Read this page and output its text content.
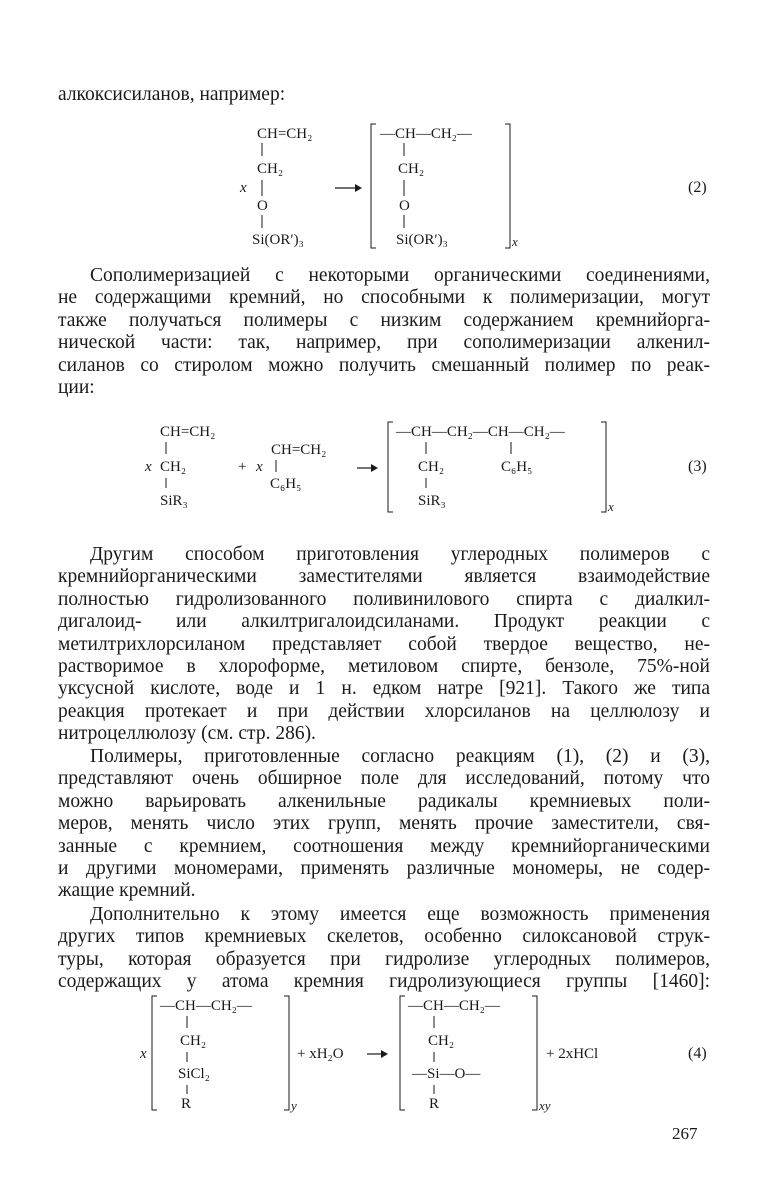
алкоксисиланов, например:
CH=CH₂
CH₂
x
O
Si(OR′)₃
—CH—CH₂—
CH₂
O
Si(OR′)₃	x
(2)
Сополимеризацией с некоторыми органическими соединениями,
не содержащими кремний, но способными к полимеризации, могут
также получаться полимеры с низким содержанием кремнийорга-
нической части: так, например, при сополимеризации алкенил-
силанов со стиролом можно получить смешанный полимер по реак-
ции:
CH=CH₂
x CH₂
SiR₃
+ x
CH=CH₂
C₆H₅
—CH—CH₂—CH—CH₂—
CH₂	C₆H₅
SiR₃	x
(3)
Другим способом приготовления углеродных полимеров с
кремнийорганическими заместителями является взаимодействие
полностью гидролизованного поливинилового спирта с диалкил-
дигалоид- или алкилтригалоидсиланами. Продукт реакции с
метилтрихлорсиланом представляет собой твердое вещество, не-
растворимое в хлороформе, метиловом спирте, бензоле, 75%-ной
уксусной кислоте, воде и 1 н. едком натре [921]. Такого же типа
реакция протекает и при действии хлорсиланов на целлюлозу и
нитроцеллюлозу (см. стр. 286).
Полимеры, приготовленные согласно реакциям (1), (2) и (3),
представляют очень обширное поле для исследований, потому что
можно варьировать алкенильные радикалы кремниевых поли-
меров, менять число этих групп, менять прочие заместители, свя-
занные с кремнием, соотношения между кремнийорганическими
и другими мономерами, применять различные мономеры, не содер-
жащие кремний.
Дополнительно к этому имеется еще возможность применения
других типов кремниевых скелетов, особенно силоксановой струк-
туры, которая образуется при гидролизе углеродных полимеров,
содержащих у атома кремния гидролизующиеся группы [1460]:
x
—CH—CH₂—
CH₂
SiCl₂
R	y
+ xH₂O
—CH—CH₂—
CH₂
—Si—O—
R	xy
+ 2xHCl	(4)
267
